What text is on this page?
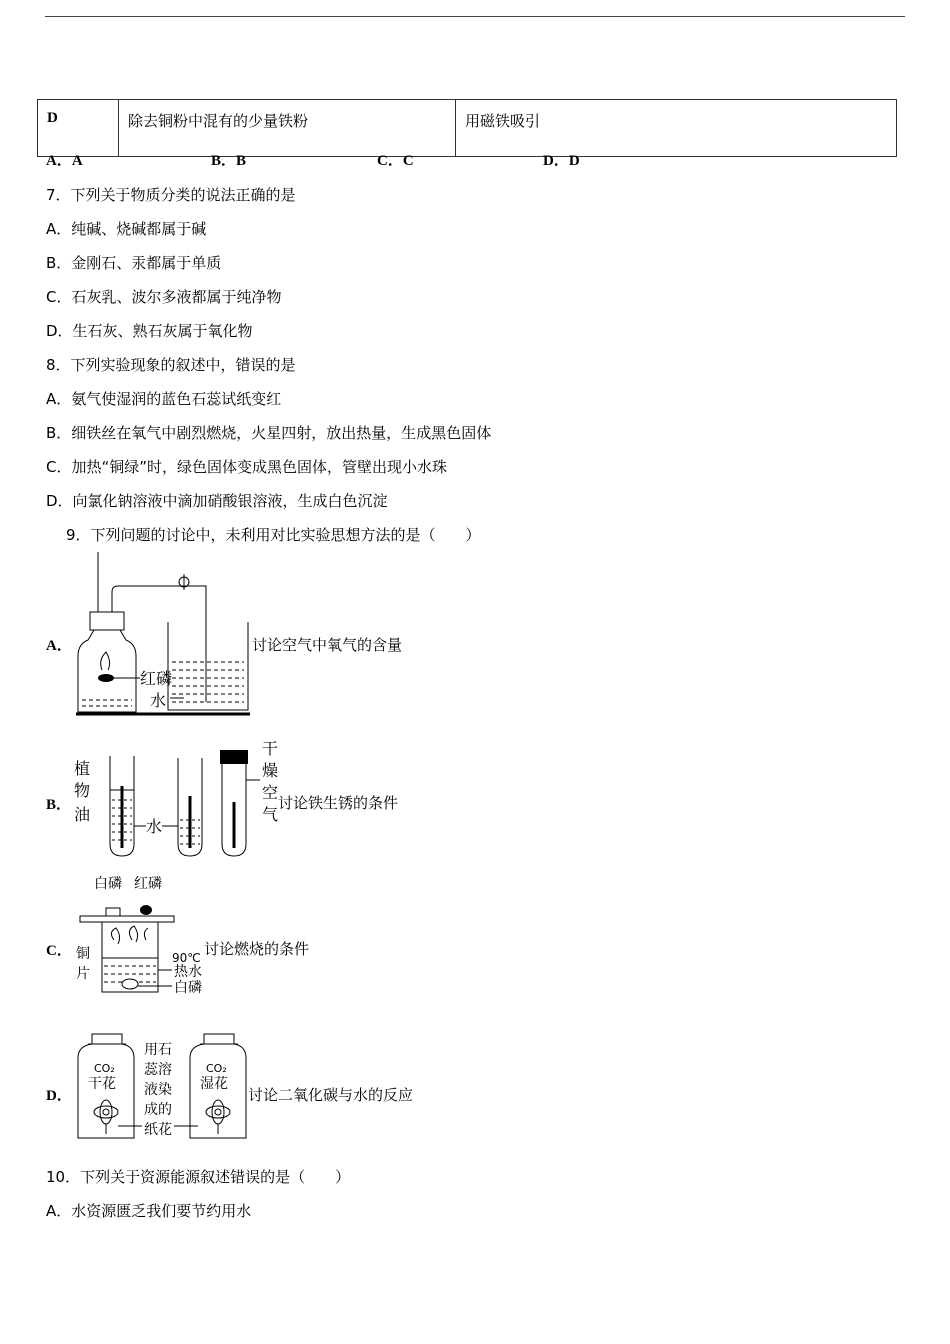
D	除去铜粉中混有的少量铁粉	用磁铁吸引
A．A	B．B	C．C	D．D
7．下列关于物质分类的说法正确的是
A．纯碱、烧碱都属于碱
B．金刚石、汞都属于单质
C．石灰乳、波尔多液都属于纯净物
D．生石灰、熟石灰属于氧化物
8．下列实验现象的叙述中，错误的是
A．氨气使湿润的蓝色石蕊试纸变红
B．细铁丝在氧气中剧烈燃烧，火星四射，放出热量，生成黑色固体
C．加热“铜绿”时，绿色固体变成黑色固体，管壁出现小水珠
D．向氯化钠溶液中滴加硝酸银溶液，生成白色沉淀
9．下列问题的讨论中，未利用对比实验思想方法的是（　　）
A．
红磷
水
讨论空气中氧气的含量
B．
植
物
油
水
干
燥
空
气
讨论铁生锈的条件
C．
白磷 红磷
铜
片
90℃
热水
白磷
讨论燃烧的条件
D．
CO₂
干花
用石
蕊溶
液染
成的
纸花
CO₂
湿花
讨论二氧化碳与水的反应
10．下列关于资源能源叙述错误的是（　　）
A．水资源匮乏我们要节约用水
